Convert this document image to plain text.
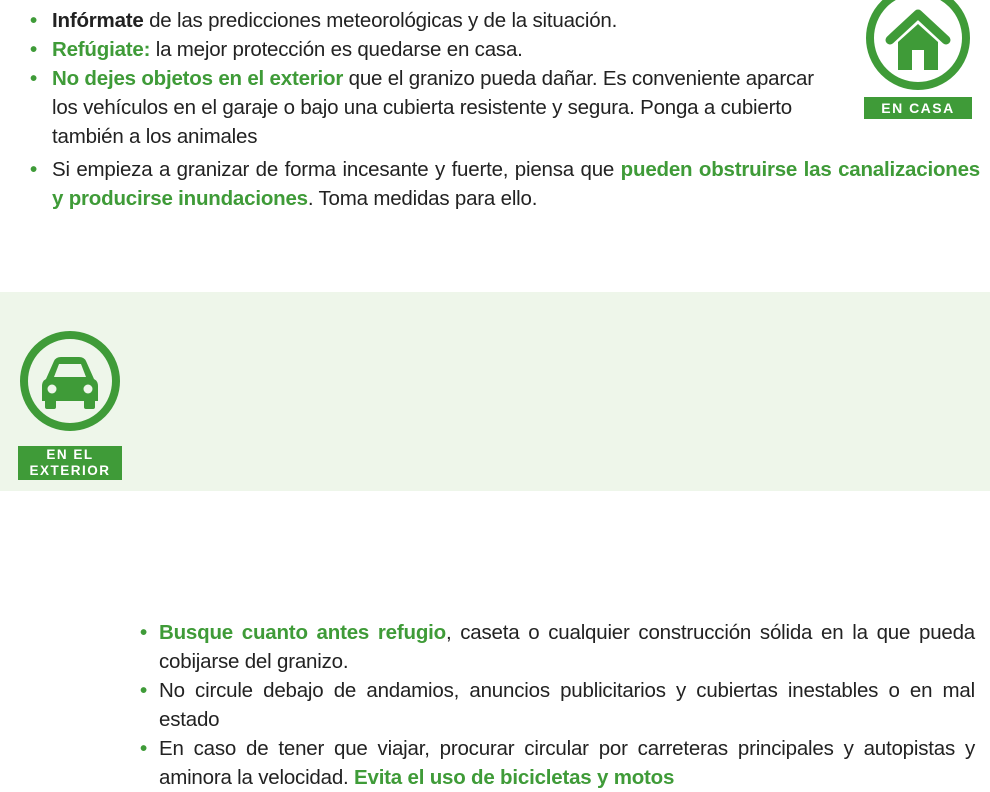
• Infórmate de las predicciones meteorológicas y de la situación.
• Refúgiate: la mejor protección es quedarse en casa.
• No dejes objetos en el exterior que el granizo pueda dañar. Es conveniente aparcar los vehículos en el garaje o bajo una cubierta resistente y segura. Ponga a cubierto también a los animales
• Si empieza a granizar de forma incesante y fuerte, piensa que pueden obstruirse las canalizaciones y producirse inundaciones. Toma medidas para ello.
EN CASA
• Busque cuanto antes refugio, caseta o cualquier construcción sólida en la que pueda cobijarse del granizo.
• No circule debajo de andamios, anuncios publicitarios y cubiertas inestables o en mal estado
• En caso de tener que viajar, procurar circular por carreteras principales y autopistas y aminora la velocidad. Evita el uso de bicicletas y motos
EN EL
EXTERIOR
